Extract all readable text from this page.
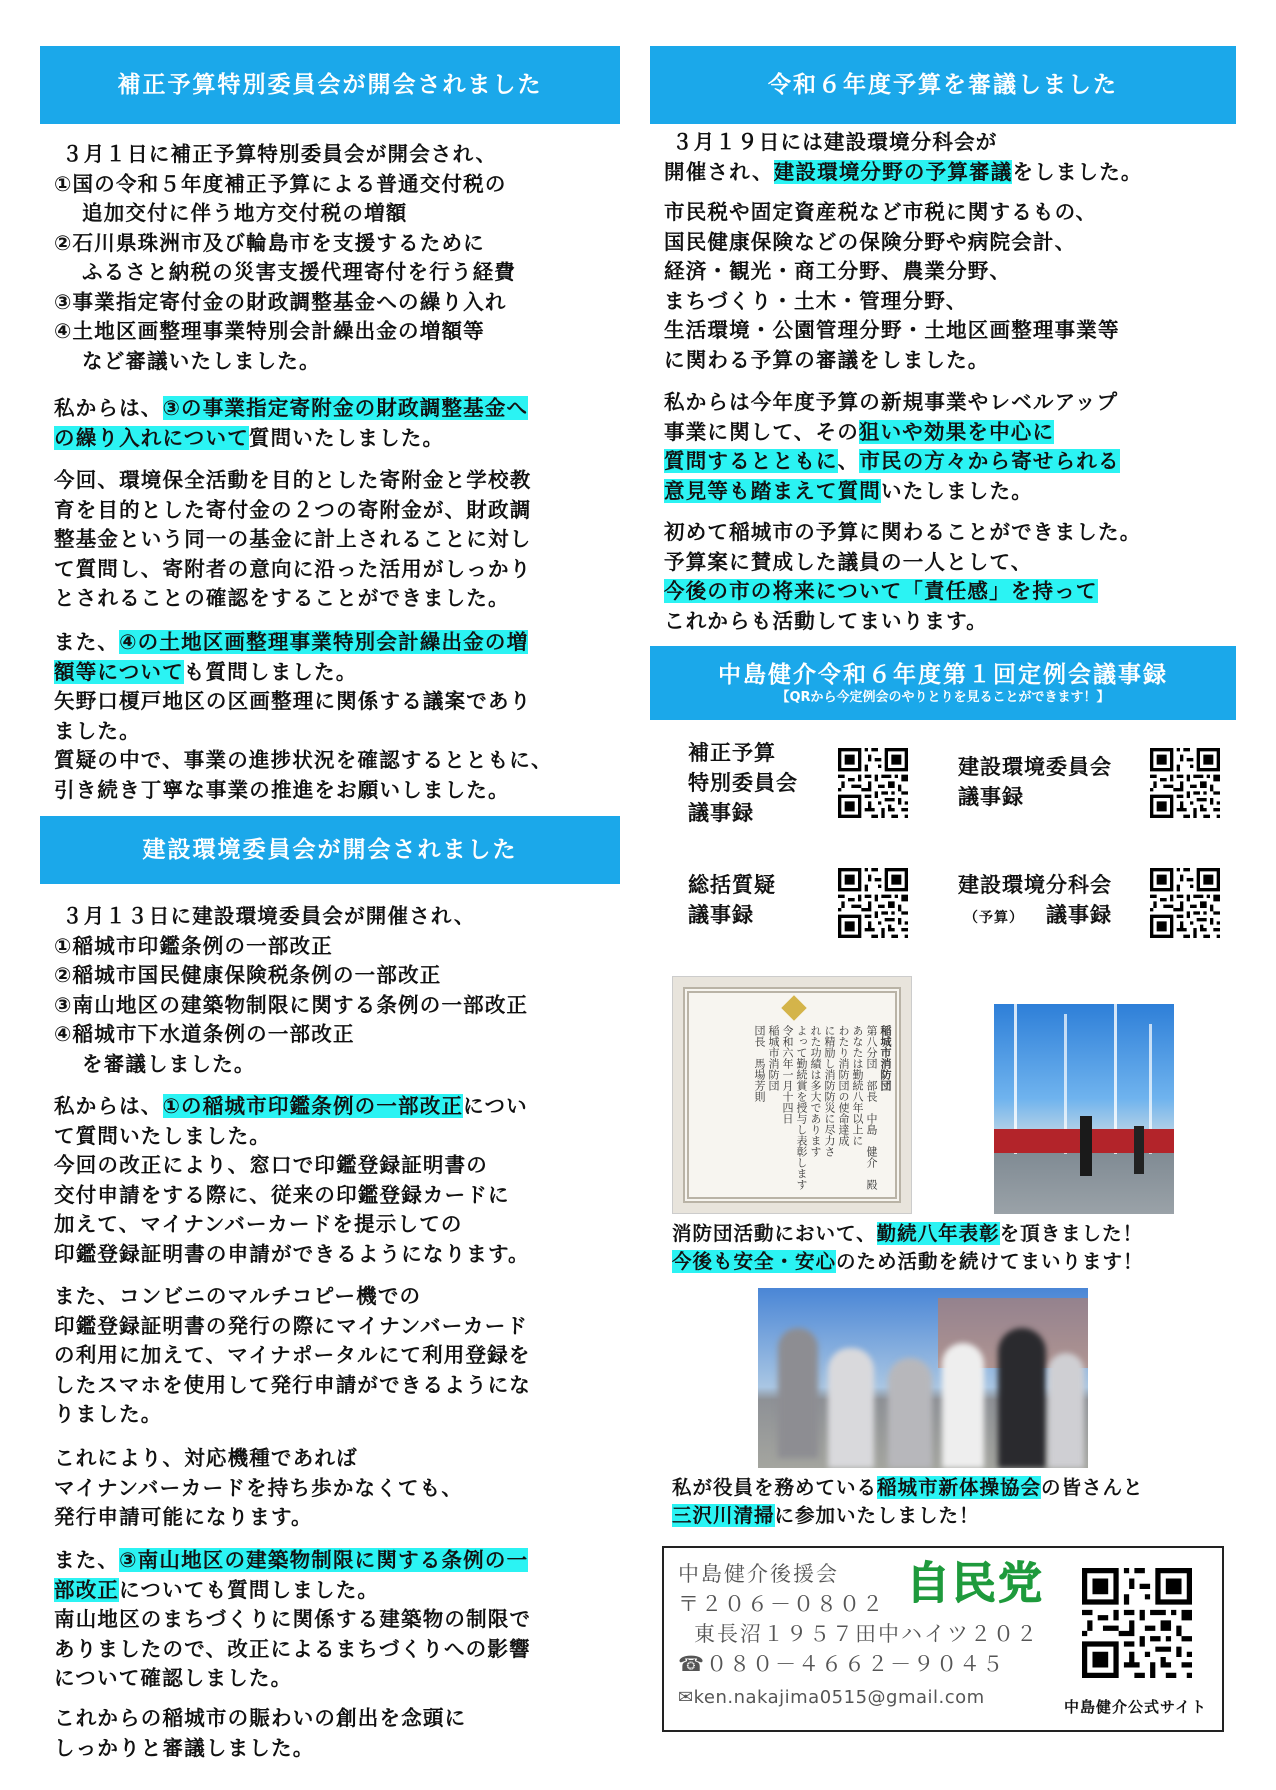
補正予算特別委員会が開会されました
３月１日に補正予算特別委員会が開会され、
①国の令和５年度補正予算による普通交付税の
追加交付に伴う地方交付税の増額
②石川県珠洲市及び輪島市を支援するために
ふるさと納税の災害支援代理寄付を行う経費
③事業指定寄付金の財政調整基金への繰り入れ
④土地区画整理事業特別会計繰出金の増額等
など審議いたしました。
私からは、③の事業指定寄附金の財政調整基金へ
の繰り入れについて質問いたしました。
今回、環境保全活動を目的とした寄附金と学校教
育を目的とした寄付金の２つの寄附金が、財政調
整基金という同一の基金に計上されることに対し
て質問し、寄附者の意向に沿った活用がしっかり
とされることの確認をすることができました。
また、④の土地区画整理事業特別会計繰出金の増
額等についても質問しました。
矢野口榎戸地区の区画整理に関係する議案であり
ました。
質疑の中で、事業の進捗状況を確認するとともに、
引き続き丁寧な事業の推進をお願いしました。
建設環境委員会が開会されました
３月１３日に建設環境委員会が開催され、
①稲城市印鑑条例の一部改正
②稲城市国民健康保険税条例の一部改正
③南山地区の建築物制限に関する条例の一部改正
④稲城市下水道条例の一部改正
を審議しました。
私からは、①の稲城市印鑑条例の一部改正につい
て質問いたしました。
今回の改正により、窓口で印鑑登録証明書の
交付申請をする際に、従来の印鑑登録カードに
加えて、マイナンバーカードを提示しての
印鑑登録証明書の申請ができるようになります。
また、コンビニのマルチコピー機での
印鑑登録証明書の発行の際にマイナンバーカード
の利用に加えて、マイナポータルにて利用登録を
したスマホを使用して発行申請ができるようにな
りました。
これにより、対応機種であれば
マイナンバーカードを持ち歩かなくても、
発行申請可能になります。
また、③南山地区の建築物制限に関する条例の一
部改正についても質問しました。
南山地区のまちづくりに関係する建築物の制限で
ありましたので、改正によるまちづくりへの影響
について確認しました。
これからの稲城市の賑わいの創出を念頭に
しっかりと審議しました。
令和６年度予算を審議しました
３月１９日には建設環境分科会が
開催され、建設環境分野の予算審議をしました。
市民税や固定資産税など市税に関するもの、
国民健康保険などの保険分野や病院会計、
経済・観光・商工分野、農業分野、
まちづくり・土木・管理分野、
生活環境・公園管理分野・土地区画整理事業等
に関わる予算の審議をしました。
私からは今年度予算の新規事業やレベルアップ
事業に関して、その狙いや効果を中心に
質問するとともに、市民の方々から寄せられる
意見等も踏まえて質問いたしました。
初めて稲城市の予算に関わることができました。
予算案に賛成した議員の一人として、
今後の市の将来について「責任感」を持って
これからも活動してまいります。
中島健介令和６年度第１回定例会議事録
【QRから今定例会のやりとりを見ることができます！】
補正予算
特別委員会
議事録
建設環境委員会
議事録
総括質疑
議事録
建設環境分科会
（予算） 議事録
稲城市消防団
第八分団　部長　中島　健介　殿
あなたは勤続八年以上に
わたり消防団の使命達成
に精励し消防防災に尽力さ
れた功績は多大であります
よって勤続賞を授与し表彰します
令和六年一月十四日
稲城市消防団
団長　馬場芳則
消防団活動において、勤続八年表彰を頂きました！
今後も安全・安心のため活動を続けてまいります！
私が役員を務めている稲城市新体操協会の皆さんと
三沢川清掃に参加いたしました！
中島健介後援会
〒２０６－０８０２
東長沼１９５７田中ハイツ２０２
☎０８０－４６６２－９０４５
✉ken.nakajima0515@gmail.com
自民党
中島健介公式サイト
